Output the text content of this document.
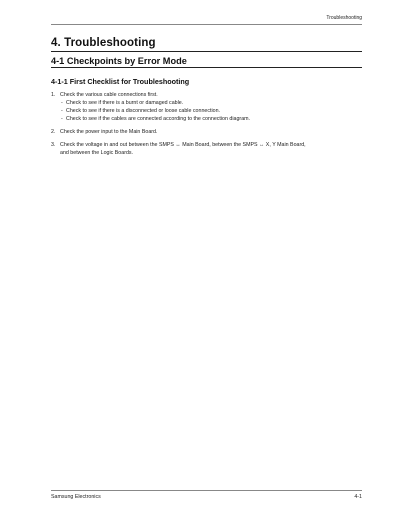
Troubleshooting
4. Troubleshooting
4-1 Checkpoints by Error Mode
4-1-1 First Checklist for Troubleshooting
1. Check the various cable connections first.
- Check to see if there is a burnt or damaged cable.
- Check to see if there is a disconnected or loose cable connection.
- Check to see if the cables are connected according to the connection diagram.
2. Check the power input to the Main Board.
3. Check the voltage in and out between the SMPS ↔ Main Board, between the SMPS ↔ X, Y Main Board,
and between the Logic Boards.
Samsung Electronics	4-1
